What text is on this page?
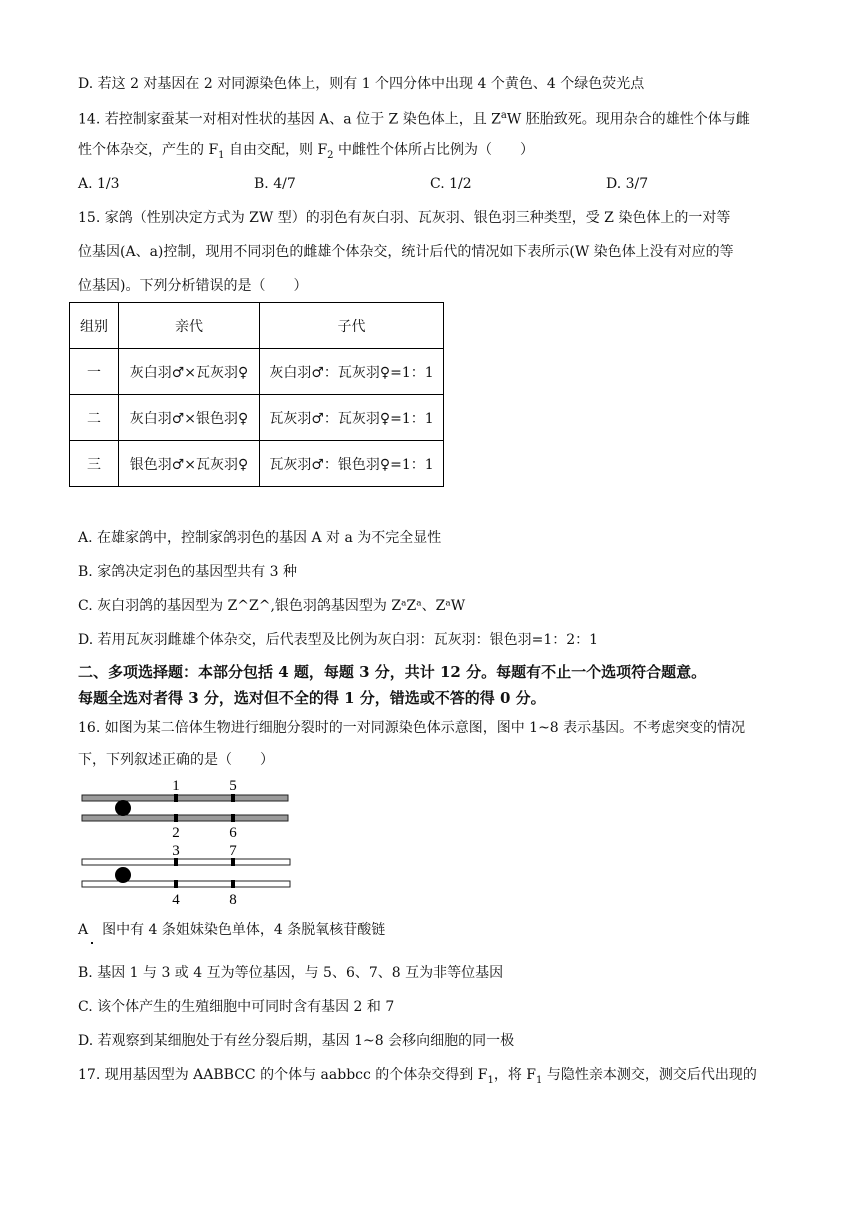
D. 若这 2 对基因在 2 对同源染色体上，则有 1 个四分体中出现 4 个黄色、4 个绿色荧光点
14. 若控制家蚕某一对相对性状的基因 A、a 位于 Z 染色体上，且 $Z^aW$ 胚胎致死。现用杂合的雄性个体与雌
性个体杂交，产生的 $F_1$ 自由交配，则 $F_2$ 中雌性个体所占比例为（　　）
A. 1/3	B. 4/7	C. 1/2	D. 3/7
15. 家鸽（性别决定方式为 ZW 型）的羽色有灰白羽、瓦灰羽、银色羽三种类型，受 Z 染色体上的一对等
位基因(A、a)控制，现用不同羽色的雌雄个体杂交，统计后代的情况如下表所示(W 染色体上没有对应的等
位基因)。下列分析错误的是（　　）
组别	亲代	子代
一	灰白羽♂×瓦灰羽♀	灰白羽♂：瓦灰羽♀=1：1
二	灰白羽♂×银色羽♀	瓦灰羽♂：瓦灰羽♀=1：1
三	银色羽♂×瓦灰羽♀	瓦灰羽♂：银色羽♀=1：1
A. 在雄家鸽中，控制家鸽羽色的基因 A 对 a 为不完全显性
B. 家鸽决定羽色的基因型共有 3 种
C. 灰白羽鸽的基因型为 Z^Z^,银色羽鸽基因型为 ZᵃZᵃ、ZᵃW
D. 若用瓦灰羽雌雄个体杂交，后代表型及比例为灰白羽：瓦灰羽：银色羽=1：2：1
二、多项选择题：本部分包括 4 题，每题 3 分，共计 12 分。每题有不止一个选项符合题意。
每题全选对者得 3 分，选对但不全的得 1 分，错选或不答的得 0 分。
16. 如图为某二倍体生物进行细胞分裂时的一对同源染色体示意图，图中 1~8 表示基因。不考虑突变的情况
下，下列叙述正确的是（　　）
1	5
2	6
3	7
4	8
A　图中有 4 条姐妹染色单体，4 条脱氧核苷酸链
B. 基因 1 与 3 或 4 互为等位基因，与 5、6、7、8 互为非等位基因
C. 该个体产生的生殖细胞中可同时含有基因 2 和 7
D. 若观察到某细胞处于有丝分裂后期，基因 1~8 会移向细胞的同一极
17. 现用基因型为 AABBCC 的个体与 aabbcc 的个体杂交得到 $F_1$，将 $F_1$ 与隐性亲本测交，测交后代出现的
